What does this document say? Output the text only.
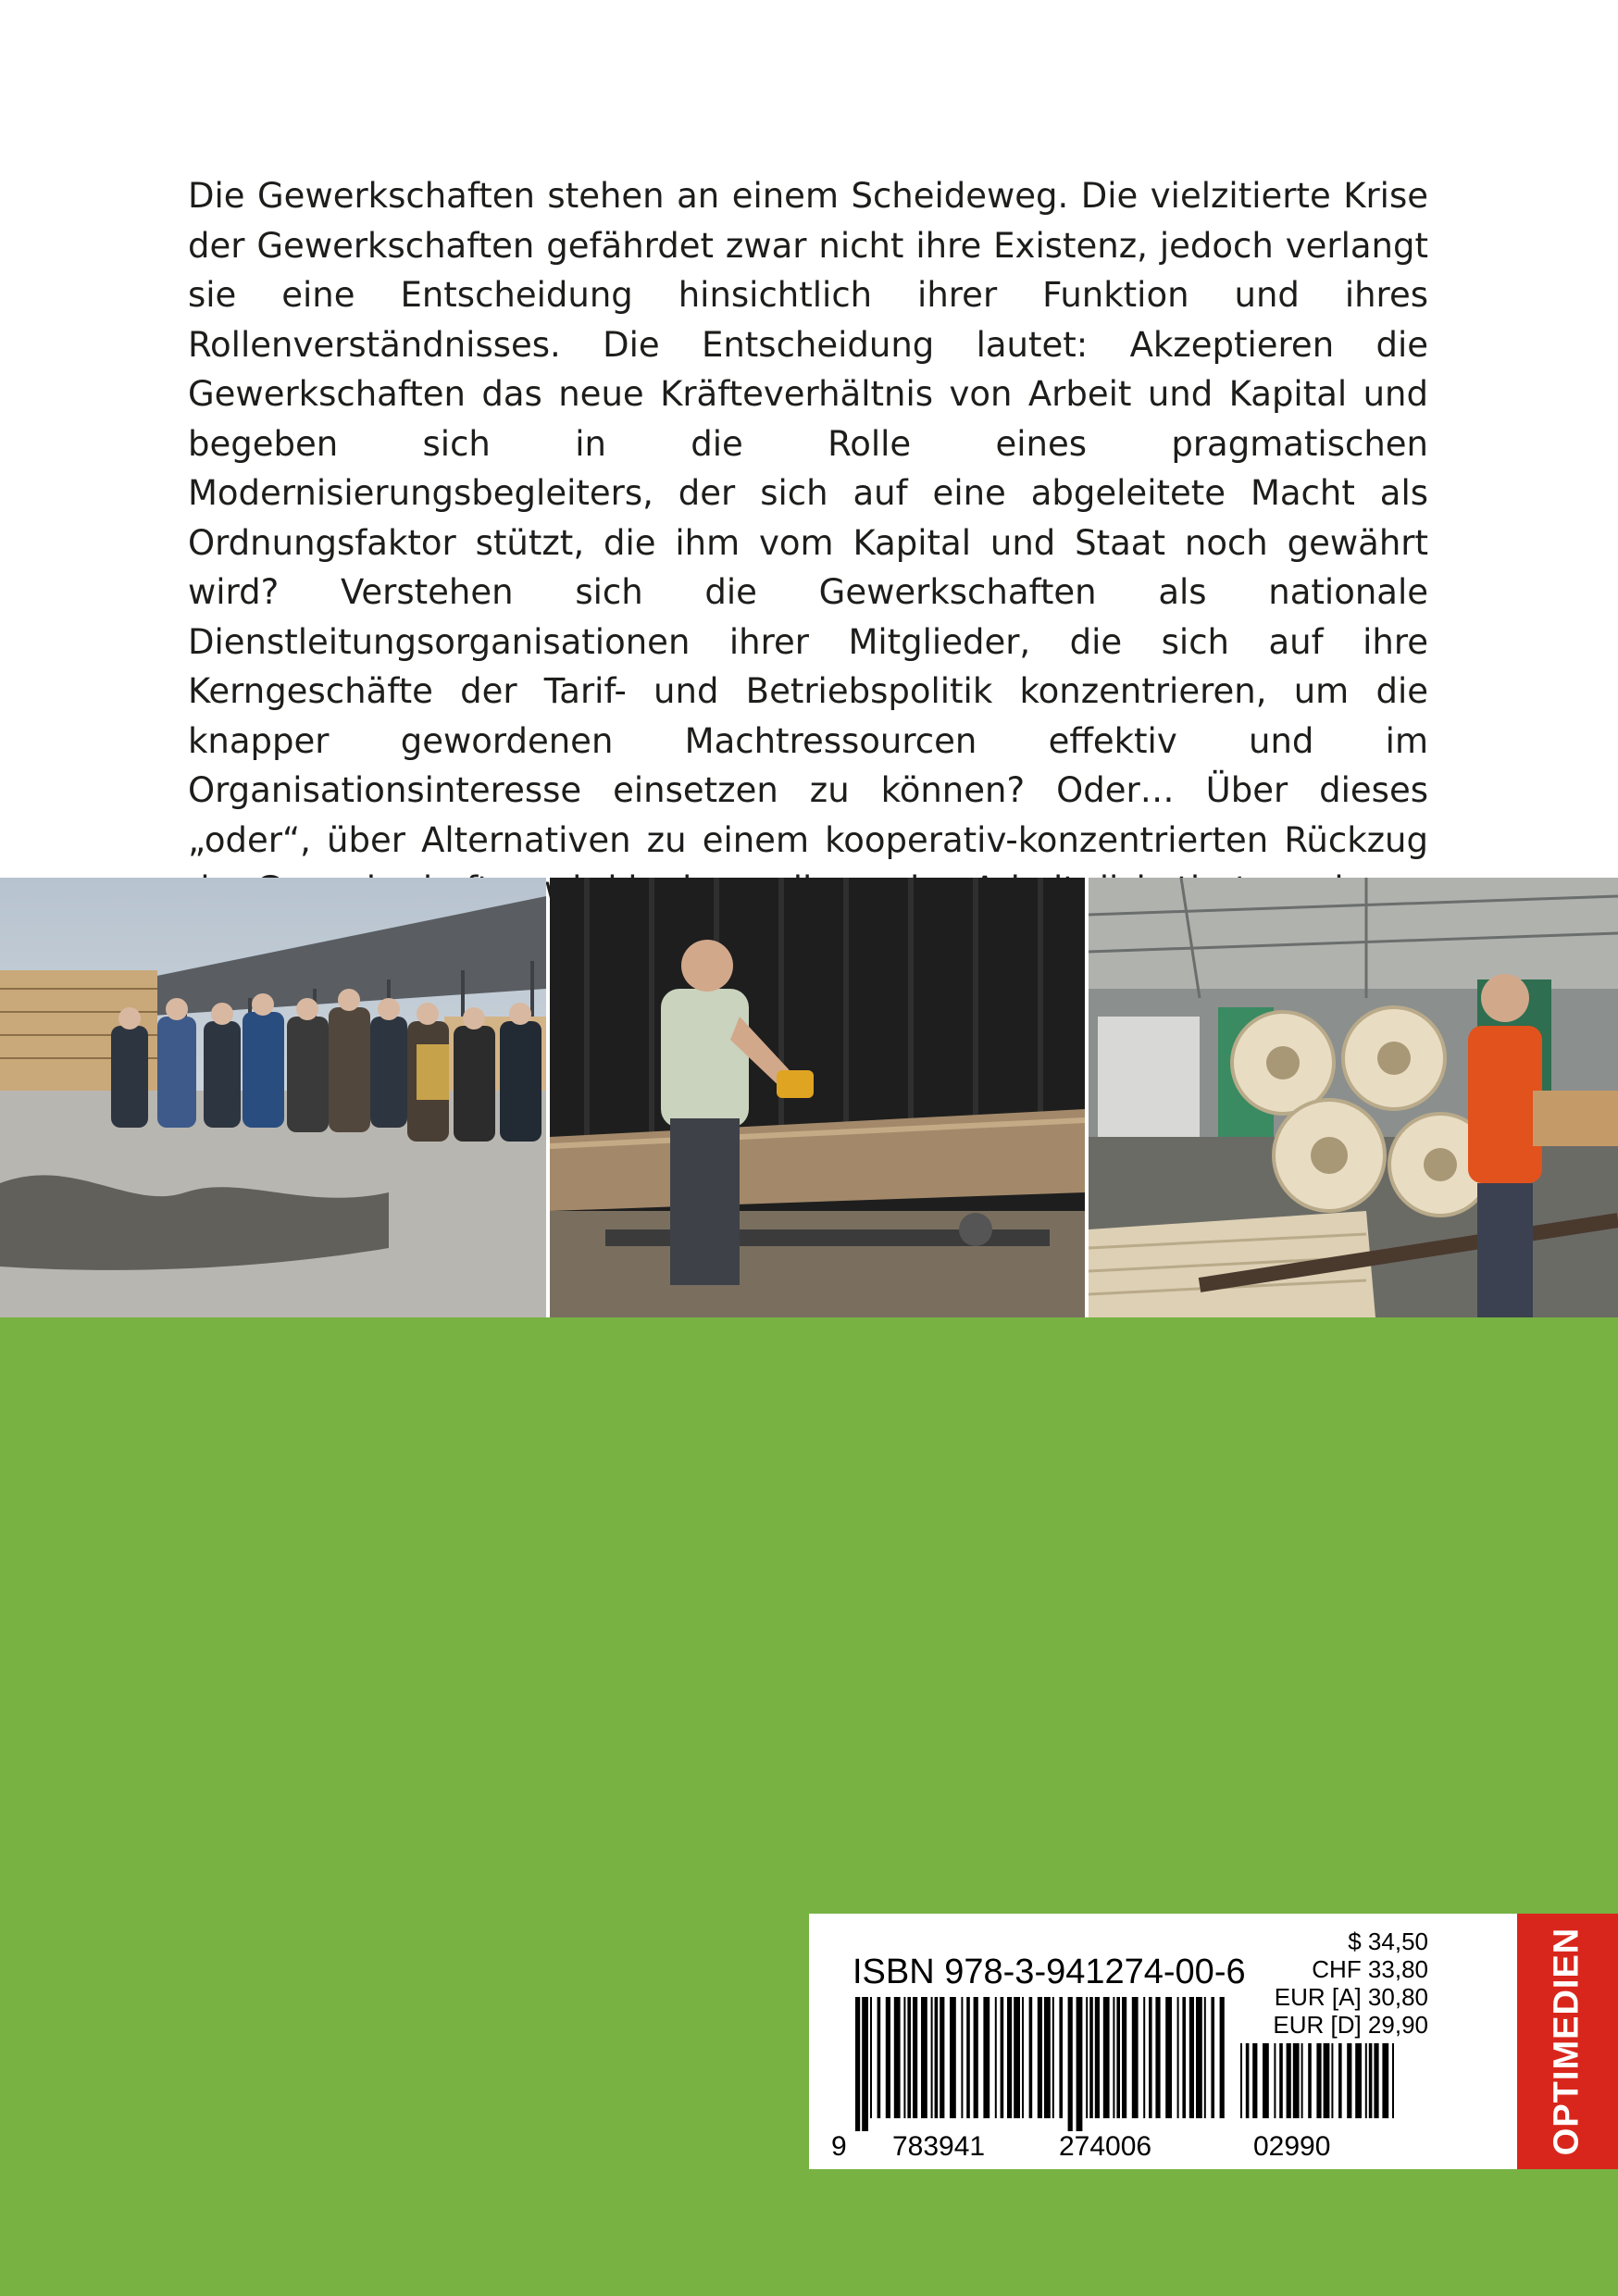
Die Gewerkschaften stehen an einem Scheideweg. Die vielzitierte Krise der Gewerkschaften gefährdet zwar nicht ihre Existenz, jedoch verlangt sie eine Entscheidung hinsichtlich ihrer Funktion und ihres Rollenverständnisses. Die Entscheidung lautet: Akzeptieren die Gewerkschaften das neue Kräfteverhältnis von Arbeit und Kapital und begeben sich in die Rolle eines pragmatischen Modernisierungsbegleiters, der sich auf eine abgeleitete Macht als Ordnungsfaktor stützt, die ihm vom Kapital und Staat noch gewährt wird? Verstehen sich die Gewerkschaften als nationale Dienstleitungsorganisationen ihrer Mitglieder, die sich auf ihre Kerngeschäfte der Tarif- und Betriebspolitik konzentrieren, um die knapper gewordenen Machtressourcen effektiv und im Organisationsinteresse einsetzen zu können? Oder… Über dieses „oder“, über Alternativen zu einem kooperativ-konzentrierten Rückzug

ISBN 978-3-941274-00-6
$ 34,50
CHF 33,80
EUR [A] 30,80
EUR [D] 29,90
9 783941	274006	02990	OPTIMEDIEN
